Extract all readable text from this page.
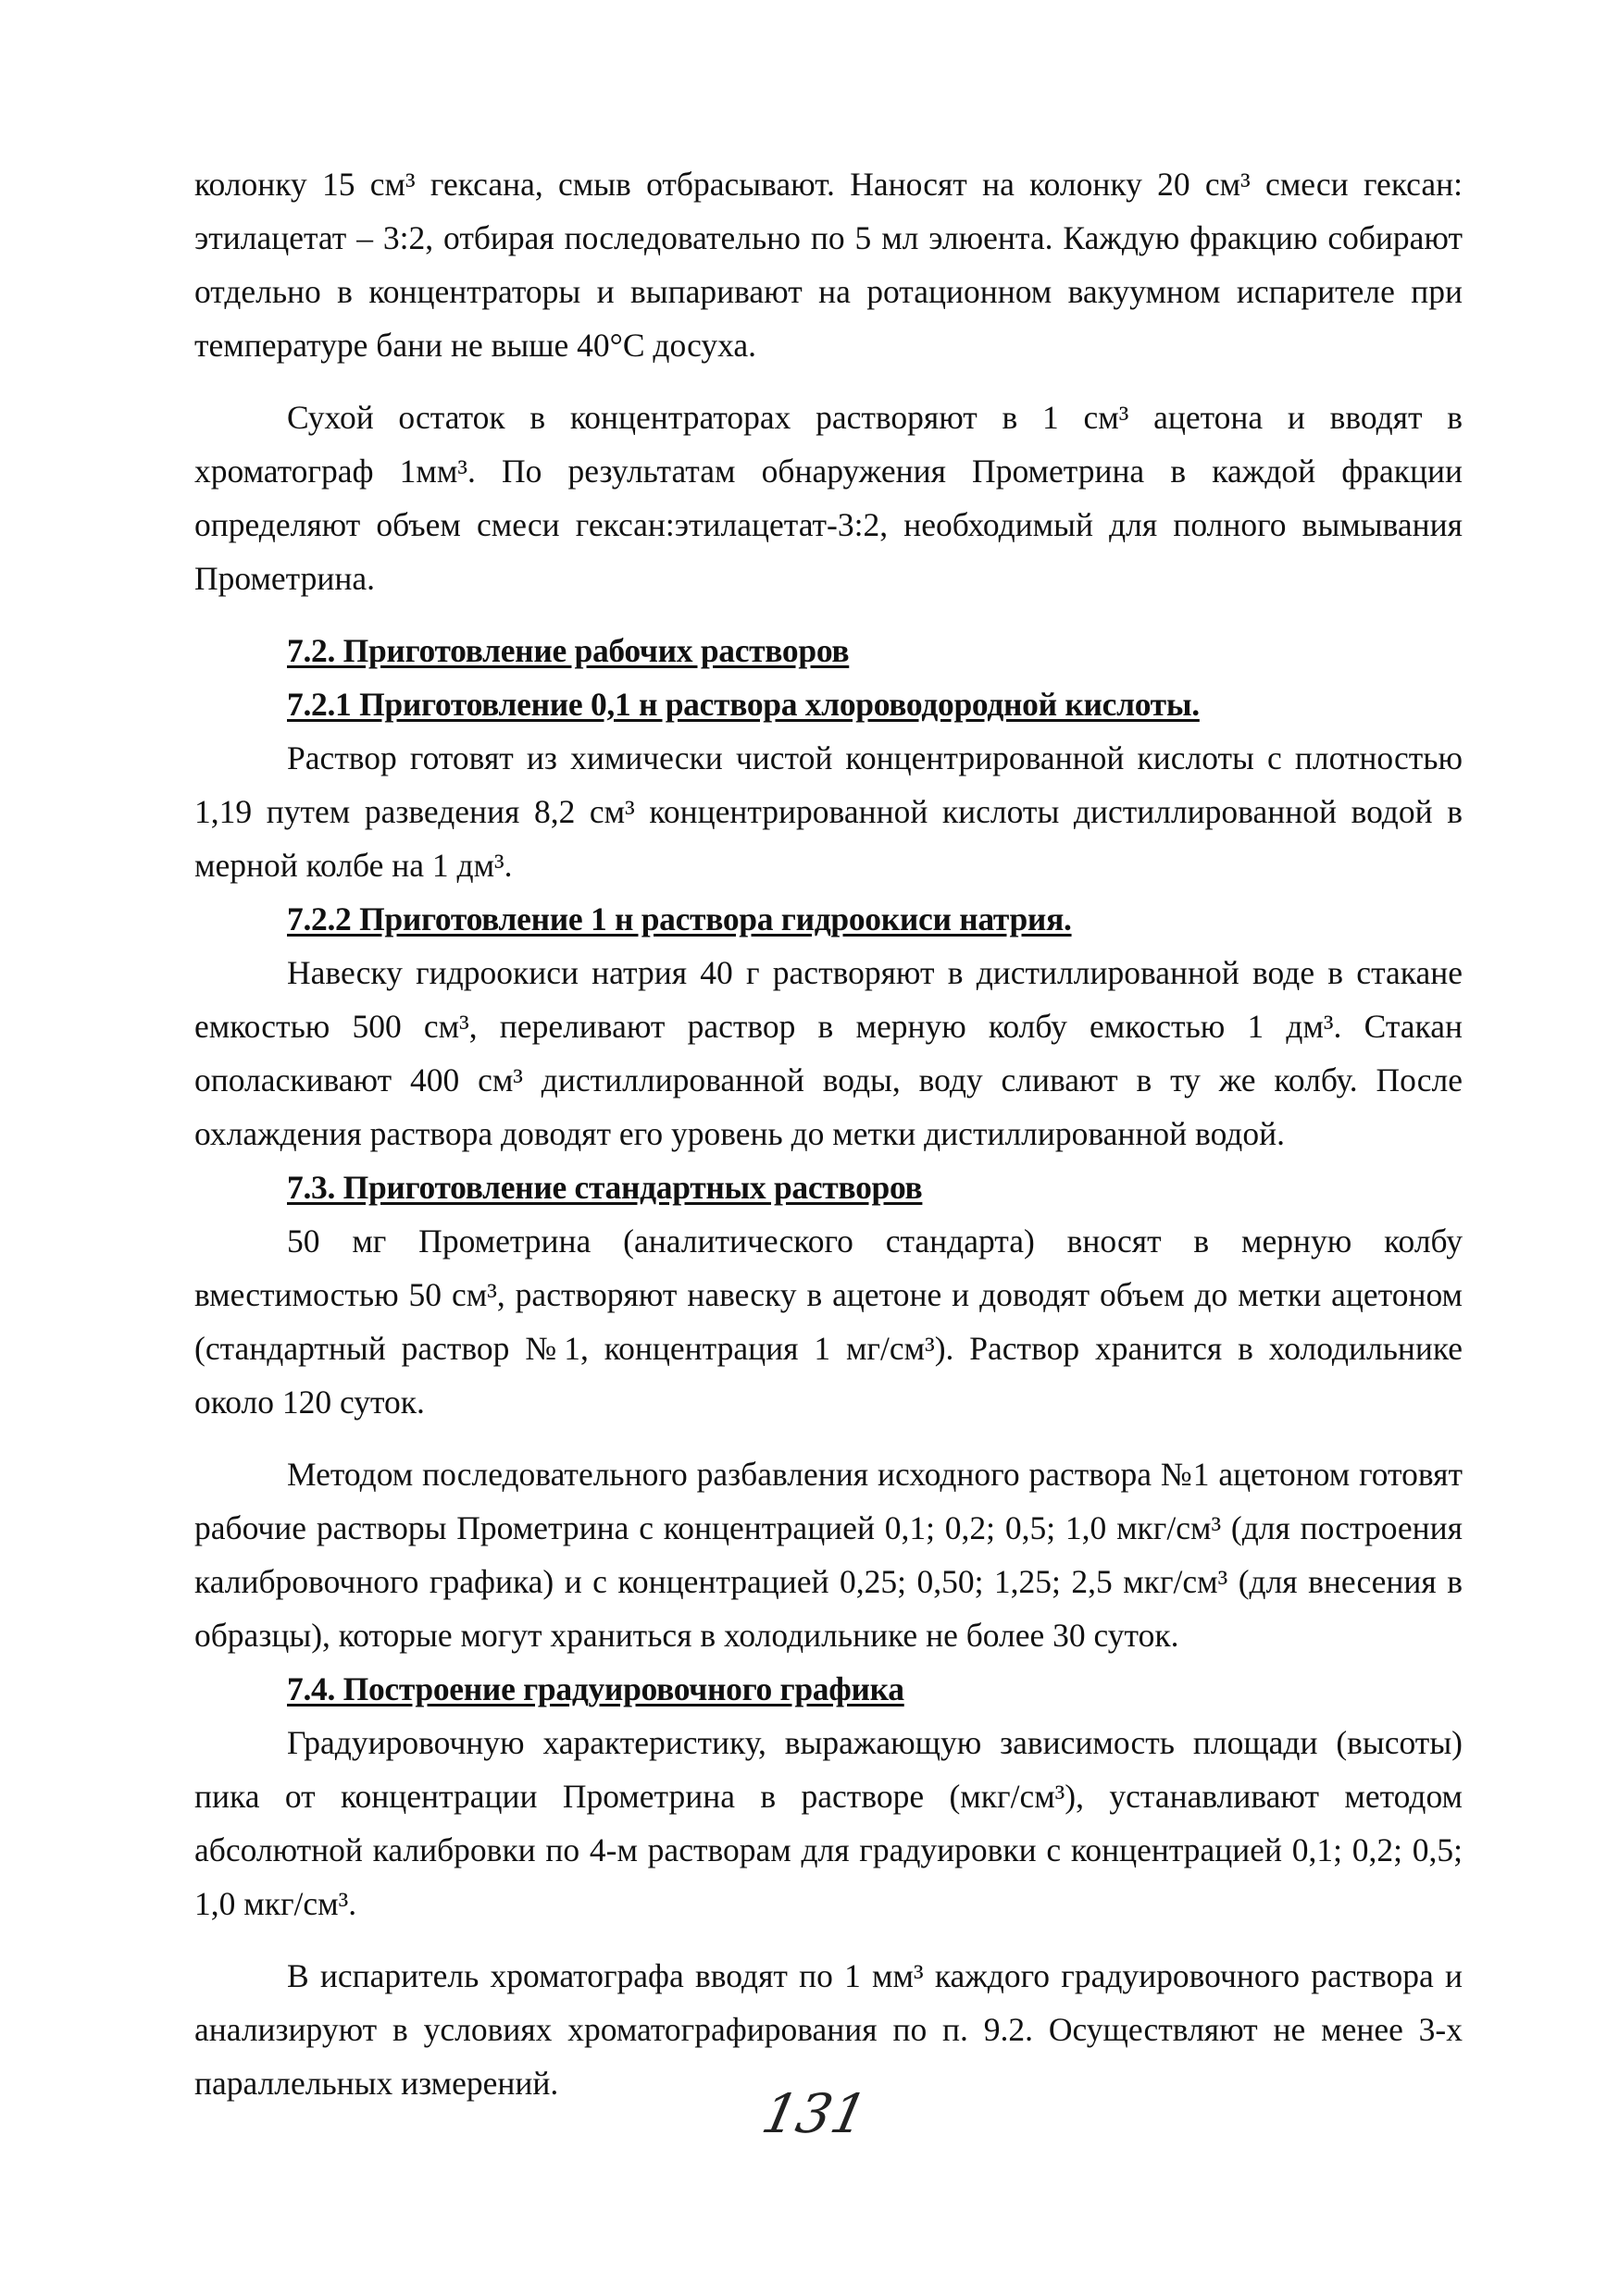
колонку 15 см³ гексана, смыв отбрасывают. Наносят на колонку 20 см³ смеси гексан: этилацетат – 3:2, отбирая последовательно по 5 мл элюента. Каждую фракцию собирают отдельно в концентраторы и выпаривают на ротационном вакуумном испарителе при температуре бани не выше 40°С досуха.

Сухой остаток в концентраторах растворяют в 1 см³ ацетона и вводят в хроматограф 1мм³. По результатам обнаружения Прометрина в каждой фракции определяют объем смеси гексан:этилацетат-3:2, необходимый для полного вымывания Прометрина.

7.2. Приготовление рабочих растворов

7.2.1 Приготовление 0,1 н раствора хлороводородной кислоты.

Раствор готовят из химически чистой концентрированной кислоты с плотностью 1,19 путем разведения 8,2 см³ концентрированной кислоты дистиллированной водой в мерной колбе на 1 дм³.

7.2.2 Приготовление 1 н раствора гидроокиси натрия.

Навеску гидроокиси натрия 40 г растворяют в дистиллированной воде в стакане емкостью 500 см³, переливают раствор в мерную колбу емкостью 1 дм³. Стакан ополаскивают 400 см³ дистиллированной воды, воду сливают в ту же колбу. После охлаждения раствора доводят его уровень до метки дистиллированной водой.

7.3. Приготовление стандартных растворов

50 мг Прометрина (аналитического стандарта) вносят в мерную колбу вместимостью 50 см³, растворяют навеску в ацетоне и доводят объем до метки ацетоном (стандартный раствор №1, концентрация 1 мг/см³). Раствор хранится в холодильнике около 120 суток.

Методом последовательного разбавления исходного раствора №1 ацетоном готовят рабочие растворы Прометрина с концентрацией 0,1; 0,2; 0,5; 1,0 мкг/см³ (для построения калибровочного графика) и с концентрацией 0,25; 0,50; 1,25; 2,5 мкг/см³ (для внесения в образцы), которые могут храниться в холодильнике не более 30 суток.

7.4. Построение градуировочного графика

Градуировочную характеристику, выражающую зависимость площади (высоты) пика от концентрации Прометрина в растворе (мкг/см³), устанавливают методом абсолютной калибровки по 4-м растворам для градуировки с концентрацией 0,1; 0,2; 0,5; 1,0 мкг/см³.

В испаритель хроматографа вводят по 1 мм³ каждого градуировочного раствора и анализируют в условиях хроматографирования по п. 9.2. Осуществляют не менее 3-х параллельных измерений.	131
